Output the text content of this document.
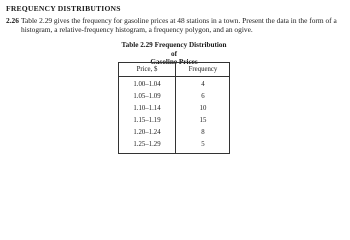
FREQUENCY DISTRIBUTIONS
2.26 Table 2.29 gives the frequency for gasoline prices at 48 stations in a town. Present the data in the form of a histogram, a relative-frequency histogram, a frequency polygon, and an ogive.
Table 2.29 Frequency Distribution of
Gasoline Prices
Price, $	Frequency
1.00–1.04	4
1.05–1.09	6
1.10–1.14	10
1.15–1.19	15
1.20–1.24	8
1.25–1.29	5
